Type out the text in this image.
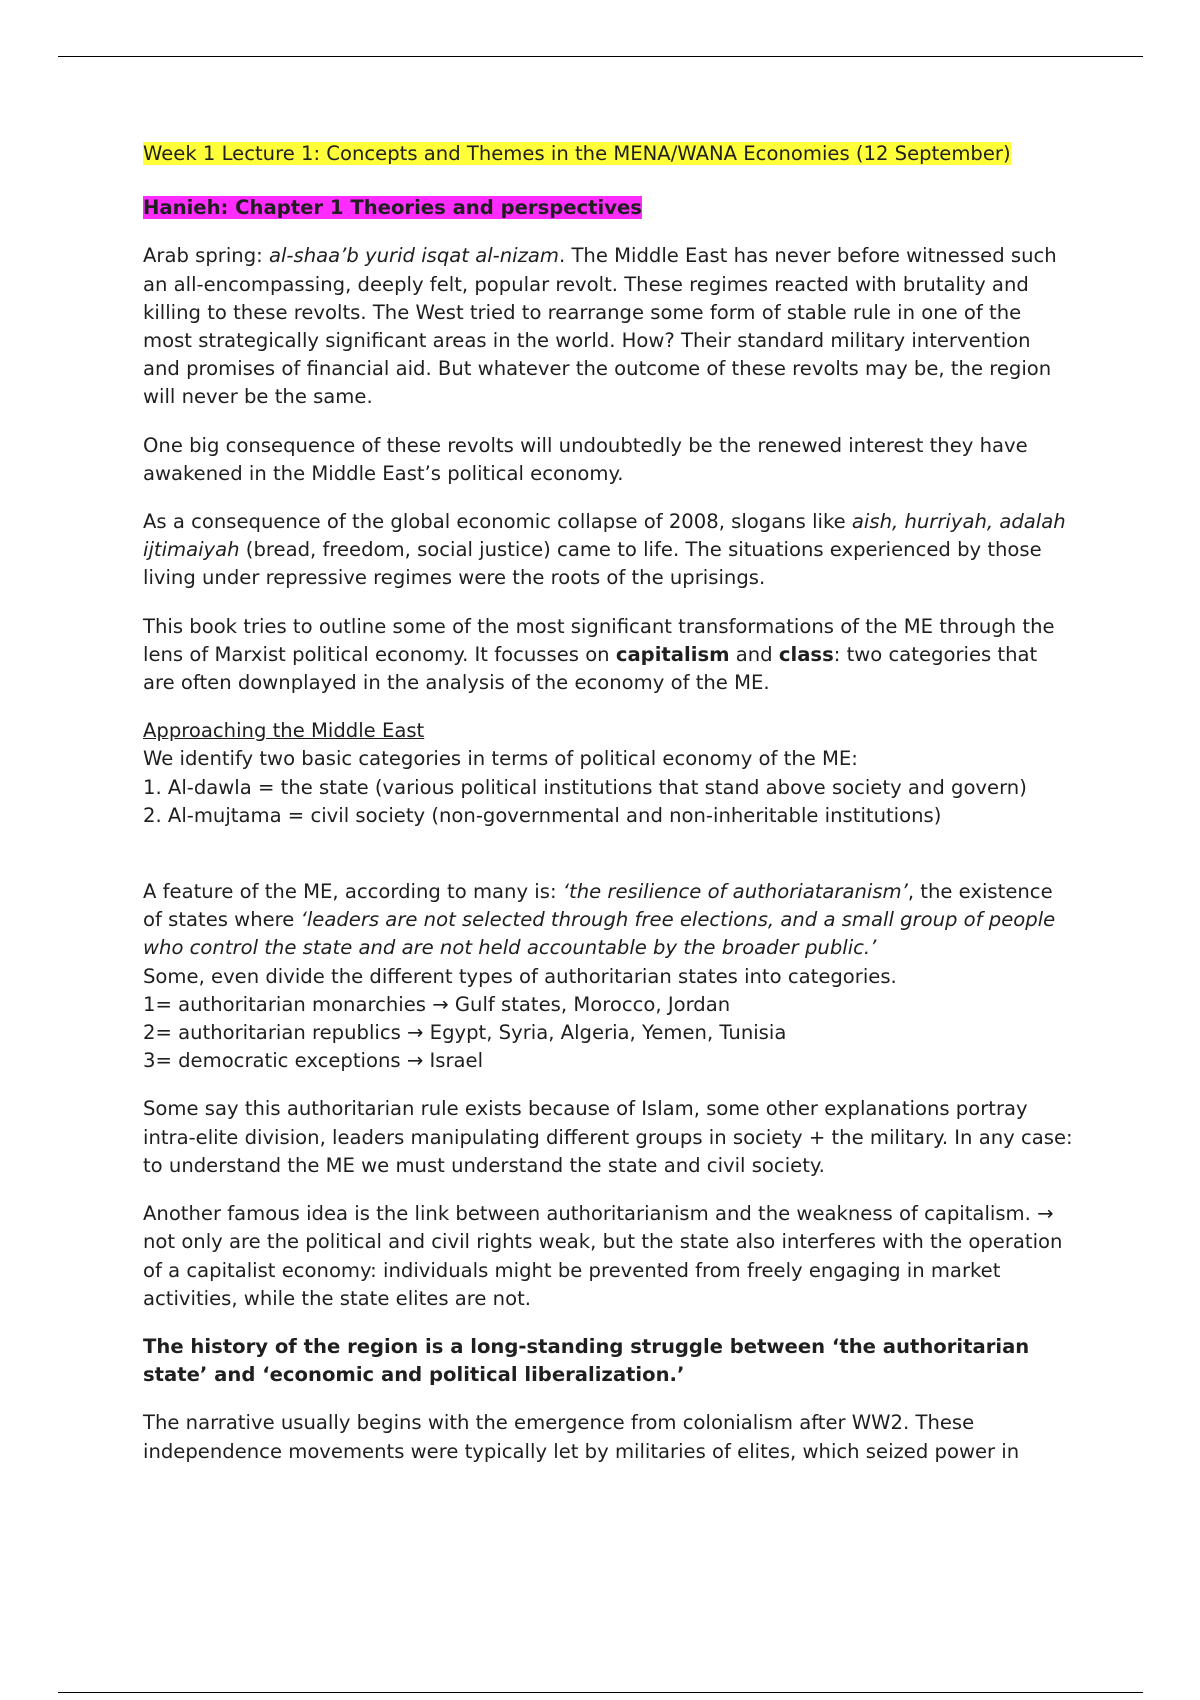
Week 1 Lecture 1: Concepts and Themes in the MENA/WANA Economies (12 September)

Hanieh: Chapter 1 Theories and perspectives

Arab spring: al-shaa’b yurid isqat al-nizam. The Middle East has never before witnessed such an all-encompassing, deeply felt, popular revolt. These regimes reacted with brutality and killing to these revolts. The West tried to rearrange some form of stable rule in one of the most strategically significant areas in the world. How? Their standard military intervention and promises of financial aid. But whatever the outcome of these revolts may be, the region will never be the same.

One big consequence of these revolts will undoubtedly be the renewed interest they have awakened in the Middle East’s political economy.

As a consequence of the global economic collapse of 2008, slogans like aish, hurriyah, adalah ijtimaiyah (bread, freedom, social justice) came to life. The situations experienced by those living under repressive regimes were the roots of the uprisings.

This book tries to outline some of the most significant transformations of the ME through the lens of Marxist political economy. It focusses on capitalism and class: two categories that are often downplayed in the analysis of the economy of the ME.

Approaching the Middle East

We identify two basic categories in terms of political economy of the ME:

1. Al-dawla = the state (various political institutions that stand above society and govern)

2. Al-mujtama = civil society (non-governmental and non-inheritable institutions)

A feature of the ME, according to many is: ‘the resilience of authoriataranism’, the existence of states where ‘leaders are not selected through free elections, and a small group of people who control the state and are not held accountable by the broader public.’

Some, even divide the different types of authoritarian states into categories.

1= authoritarian monarchies → Gulf states, Morocco, Jordan

2= authoritarian republics → Egypt, Syria, Algeria, Yemen, Tunisia

3= democratic exceptions → Israel

Some say this authoritarian rule exists because of Islam, some other explanations portray intra-elite division, leaders manipulating different groups in society + the military. In any case: to understand the ME we must understand the state and civil society.

Another famous idea is the link between authoritarianism and the weakness of capitalism. → not only are the political and civil rights weak, but the state also interferes with the operation of a capitalist economy: individuals might be prevented from freely engaging in market activities, while the state elites are not.

The history of the region is a long-standing struggle between ‘the authoritarian state’ and ‘economic and political liberalization.’

The narrative usually begins with the emergence from colonialism after WW2. These independence movements were typically let by militaries of elites, which seized power in
